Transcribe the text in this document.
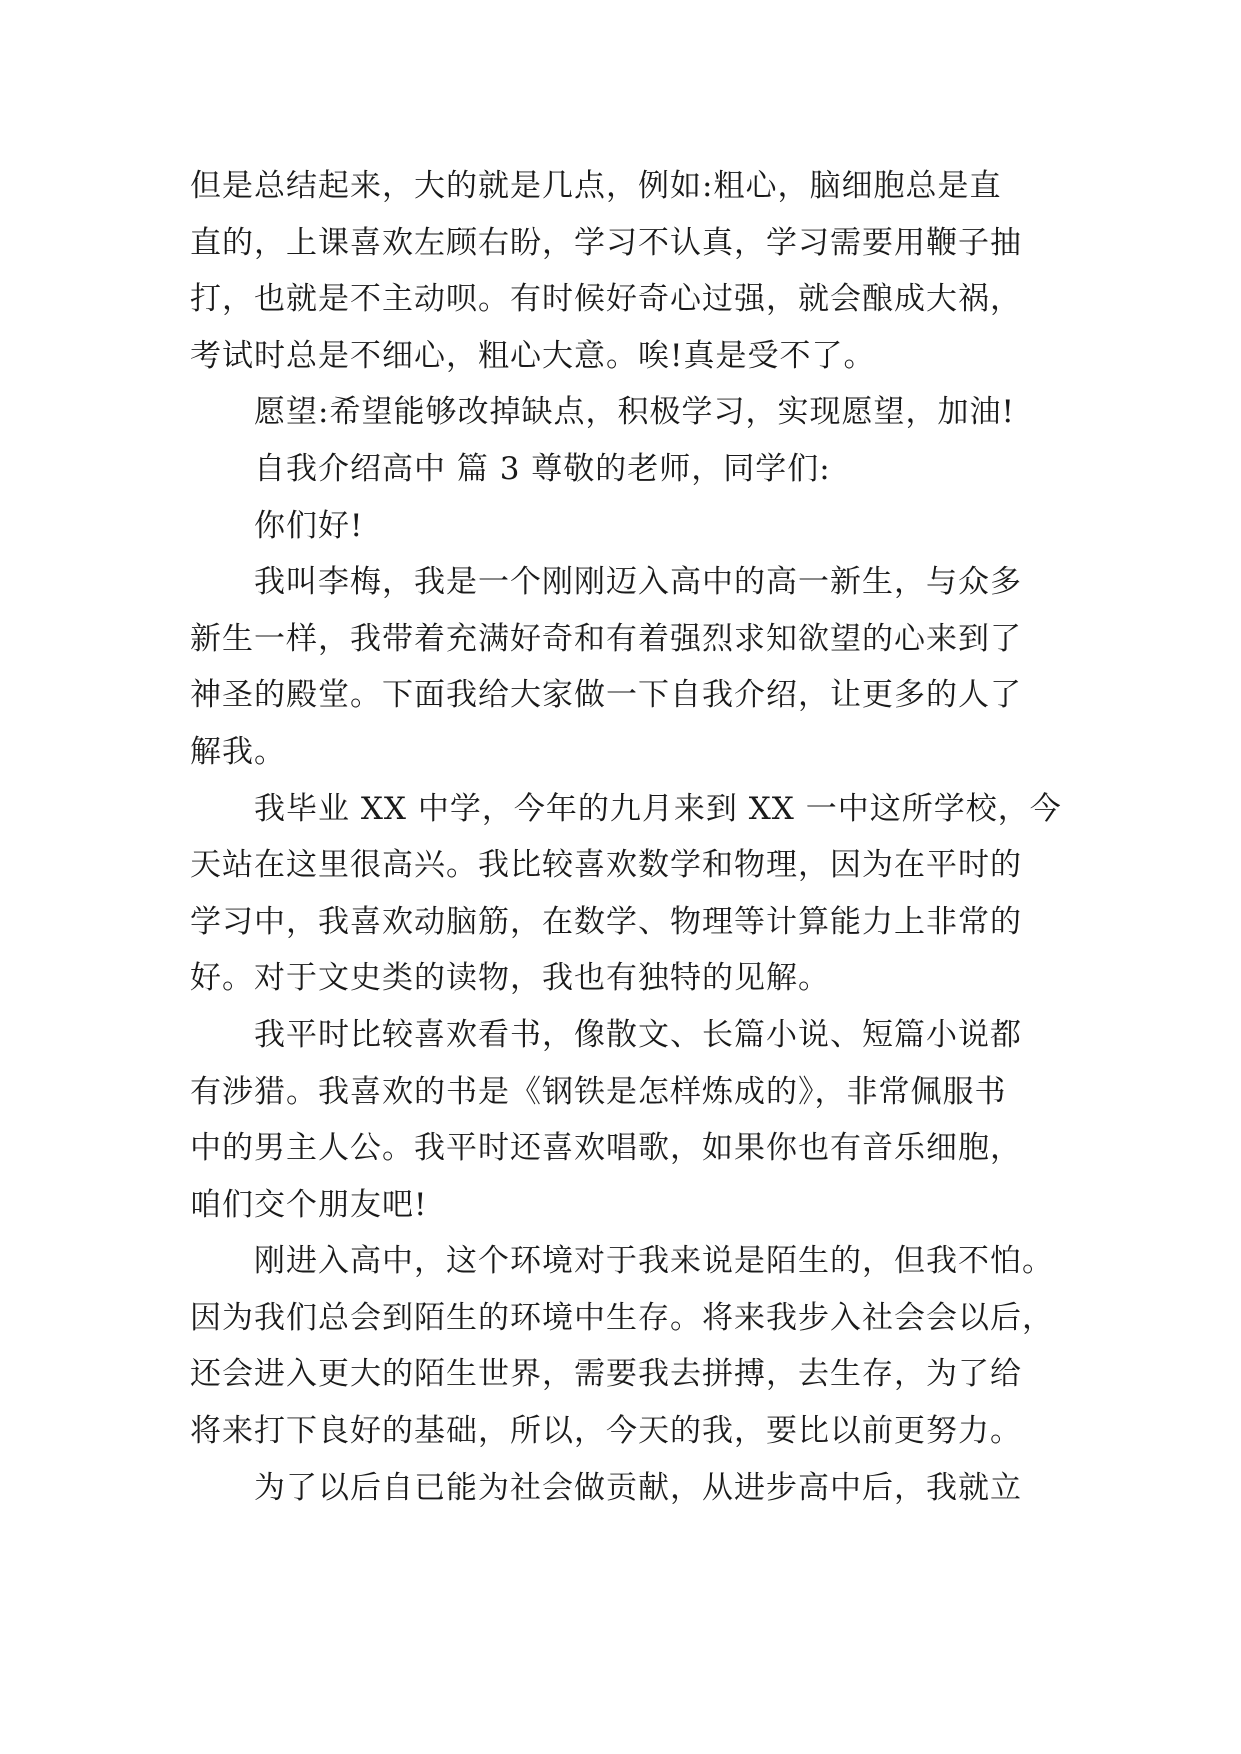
但是总结起来，大的就是几点，例如:粗心，脑细胞总是直
直的，上课喜欢左顾右盼，学习不认真，学习需要用鞭子抽
打，也就是不主动呗。有时候好奇心过强，就会酿成大祸，
考试时总是不细心，粗心大意。唉!真是受不了。
愿望:希望能够改掉缺点，积极学习，实现愿望，加油!
自我介绍高中 篇 3 尊敬的老师，同学们:
你们好!
我叫李梅，我是一个刚刚迈入高中的高一新生，与众多
新生一样，我带着充满好奇和有着强烈求知欲望的心来到了
神圣的殿堂。下面我给大家做一下自我介绍，让更多的人了
解我。
我毕业 XX 中学，今年的九月来到 XX 一中这所学校，今
天站在这里很高兴。我比较喜欢数学和物理，因为在平时的
学习中，我喜欢动脑筋，在数学、物理等计算能力上非常的
好。对于文史类的读物，我也有独特的见解。
我平时比较喜欢看书，像散文、长篇小说、短篇小说都
有涉猎。我喜欢的书是《钢铁是怎样炼成的》，非常佩服书
中的男主人公。我平时还喜欢唱歌，如果你也有音乐细胞，
咱们交个朋友吧!
刚进入高中，这个环境对于我来说是陌生的，但我不怕。
因为我们总会到陌生的环境中生存。将来我步入社会会以后，
还会进入更大的陌生世界，需要我去拼搏，去生存，为了给
将来打下良好的基础，所以，今天的我，要比以前更努力。
为了以后自已能为社会做贡献，从进步高中后，我就立
